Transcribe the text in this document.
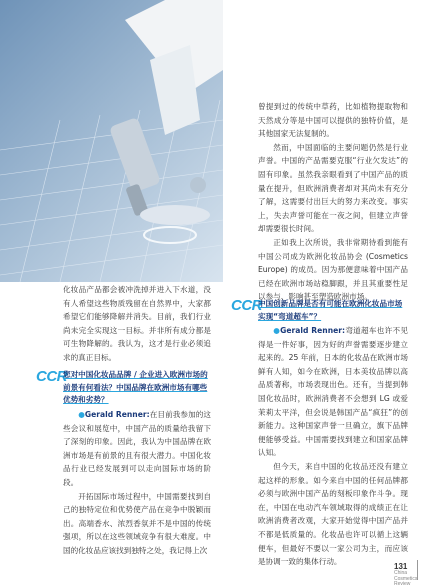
化妆品产品都会被冲洗掉并进入下水道，没有人希望这些物质残留在自然界中，大家都希望它们能够降解并消失。目前，我们行业尚未完全实现这一目标。并非所有成分都是可生物降解的。我认为，这才是行业必须追求的真正目标。

CCR
您对中国化妆品品牌 / 企业进入欧洲市场的前景有何看法？中国品牌在欧洲市场有哪些优势和劣势？

●Gerald Renner:在目前我参加的这些会议和展览中，中国产品的质量给我留下了深刻的印象。因此，我认为中国品牌在欧洲市场是有前景的且有很大潜力。中国化妆品行业已经发展到可以走向国际市场的阶段。

开拓国际市场过程中，中国需要找到自己的独特定位和优势使产品在竞争中脱颖而出。高端香水、浓烈香氛并不是中国的传统强项，所以在这些领域竞争有很大难度。中国的化妆品应该找到独特之处，我记得上次

曾提到过的传统中草药，比如植物提取物和天然成分等是中国可以提供的独特价值，是其他国家无法复制的。

然而，中国面临的主要问题仍然是行业声誉。中国的产品需要克服“行业欠发达”的固有印象。虽然我亲眼看到了中国产品的质量在提升，但欧洲消费者却对其尚未有充分了解，这需要付出巨大的努力来改变。事实上，失去声誉可能在一夜之间，但建立声誉却需要很长时间。

正如我上次所说，我非常期待看到能有中国公司成为欧洲化妆品协会 (Cosmetics Europe) 的成员。因为那便意味着中国产品已经在欧洲市场站稳脚跟，并且其重要性足以参与、影响甚至塑造欧洲市场。

CCR
中国创新品牌是否有可能在欧洲化妆品市场实现“弯道超车”？

●Gerald Renner:弯道超车也许不见得是一件好事，因为好的声誉需要逐步建立起来的。25 年前，日本的化妆品在欧洲市场鲜有人知，如今在欧洲，日本美妆品牌以高品质著称，市场表现出色。还有，当提到韩国化妆品时，欧洲消费者不会想到 LG 或爱茉莉太平洋，但会说是韩国产品“疯狂”的创新能力。这种国家声誉一旦确立，旗下品牌便能够受益。中国需要找到建立和国家品牌认知。

但今天，来自中国的化妆品还没有建立起这样的形象。如今来自中国的任何品牌都必须与欧洲中国产品的刻板印象作斗争。现在，中国在电动汽车领域取得的成绩正在让欧洲消费者改观，大家开始觉得中国产品并不都是低质量的。化妆品也许可以循上这辆便车，但最好不要以一家公司为主，而应该是协调一致的集体行动。

131
China
Cosmetics
Review
